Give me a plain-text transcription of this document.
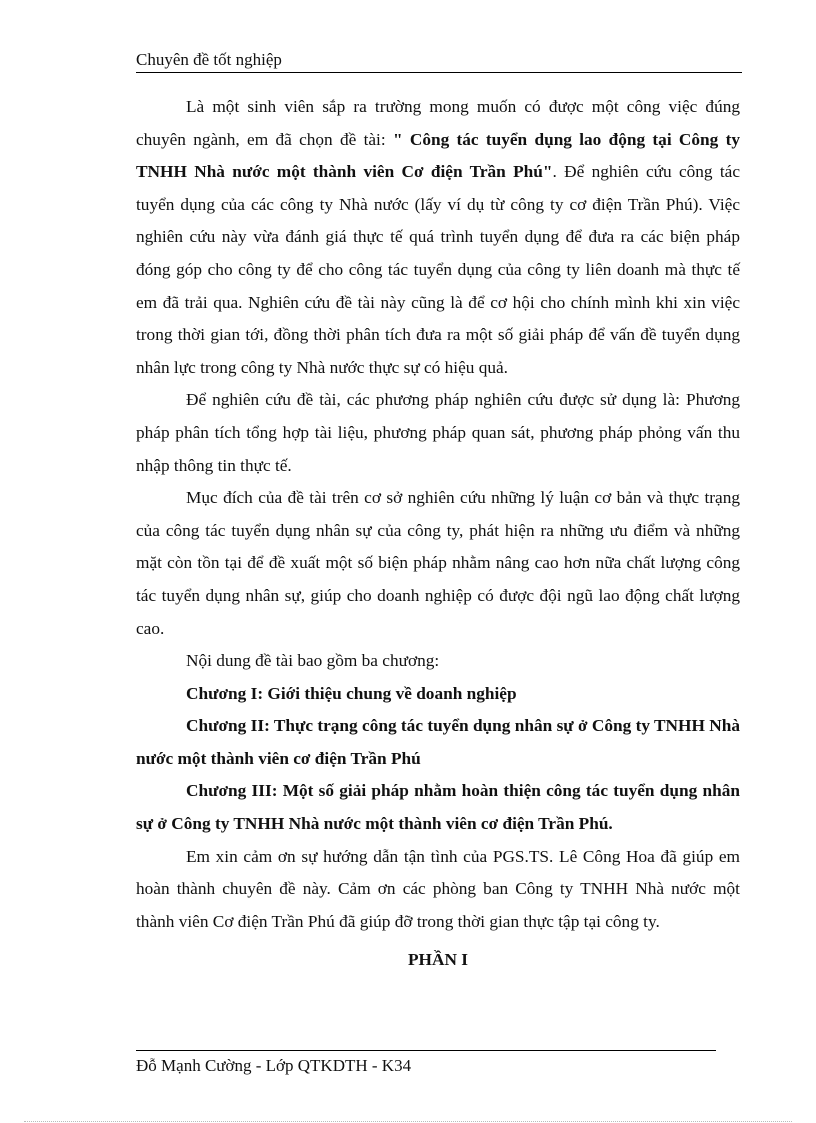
Chuyên đề tốt nghiệp

Là một sinh viên sắp ra trường mong muốn có được một công việc đúng chuyên ngành, em đã chọn đề tài: " Công tác tuyển dụng lao động tại Công ty TNHH Nhà nước một thành viên Cơ điện Trần Phú". Để nghiên cứu công tác tuyển dụng của các công ty Nhà nước (lấy ví dụ từ công ty cơ điện Trần Phú). Việc nghiên cứu này vừa đánh giá thực tế quá trình tuyển dụng để đưa ra các biện pháp đóng góp cho công ty để cho công tác tuyển dụng của công ty liên doanh mà thực tế em đã trải qua. Nghiên cứu đề tài này cũng là để cơ hội cho chính mình khi xin việc trong thời gian tới, đồng thời phân tích đưa ra một số giải pháp để vấn đề tuyển dụng nhân lực trong công ty Nhà nước thực sự có hiệu quả.

Để nghiên cứu đề tài, các phương pháp nghiên cứu được sử dụng là: Phương pháp phân tích tổng hợp tài liệu, phương pháp quan sát, phương pháp phỏng vấn thu nhập thông tin thực tế.

Mục đích của đề tài trên cơ sở nghiên cứu những lý luận cơ bản và thực trạng của công tác tuyển dụng nhân sự của công ty, phát hiện ra những ưu điểm và những mặt còn tồn tại để đề xuất một số biện pháp nhằm nâng cao hơn nữa chất lượng công tác tuyển dụng nhân sự, giúp cho doanh nghiệp có được đội ngũ lao động chất lượng cao.

Nội dung đề tài bao gồm ba chương:

Chương I: Giới thiệu chung về doanh nghiệp

Chương II: Thực trạng công tác tuyển dụng nhân sự ở Công ty TNHH Nhà nước một thành viên cơ điện Trần Phú

Chương III: Một số giải pháp nhằm hoàn thiện công tác tuyển dụng nhân sự ở Công ty TNHH Nhà nước một thành viên cơ điện Trần Phú.

Em xin cảm ơn sự hướng dẫn tận tình của PGS.TS. Lê Công Hoa đã giúp em hoàn thành chuyên đề này. Cảm ơn các phòng ban Công ty TNHH Nhà nước một thành viên Cơ điện Trần Phú đã giúp đỡ trong thời gian thực tập tại công ty.

PHẦN I

Đỗ Mạnh Cường - Lớp QTKDTH - K34
